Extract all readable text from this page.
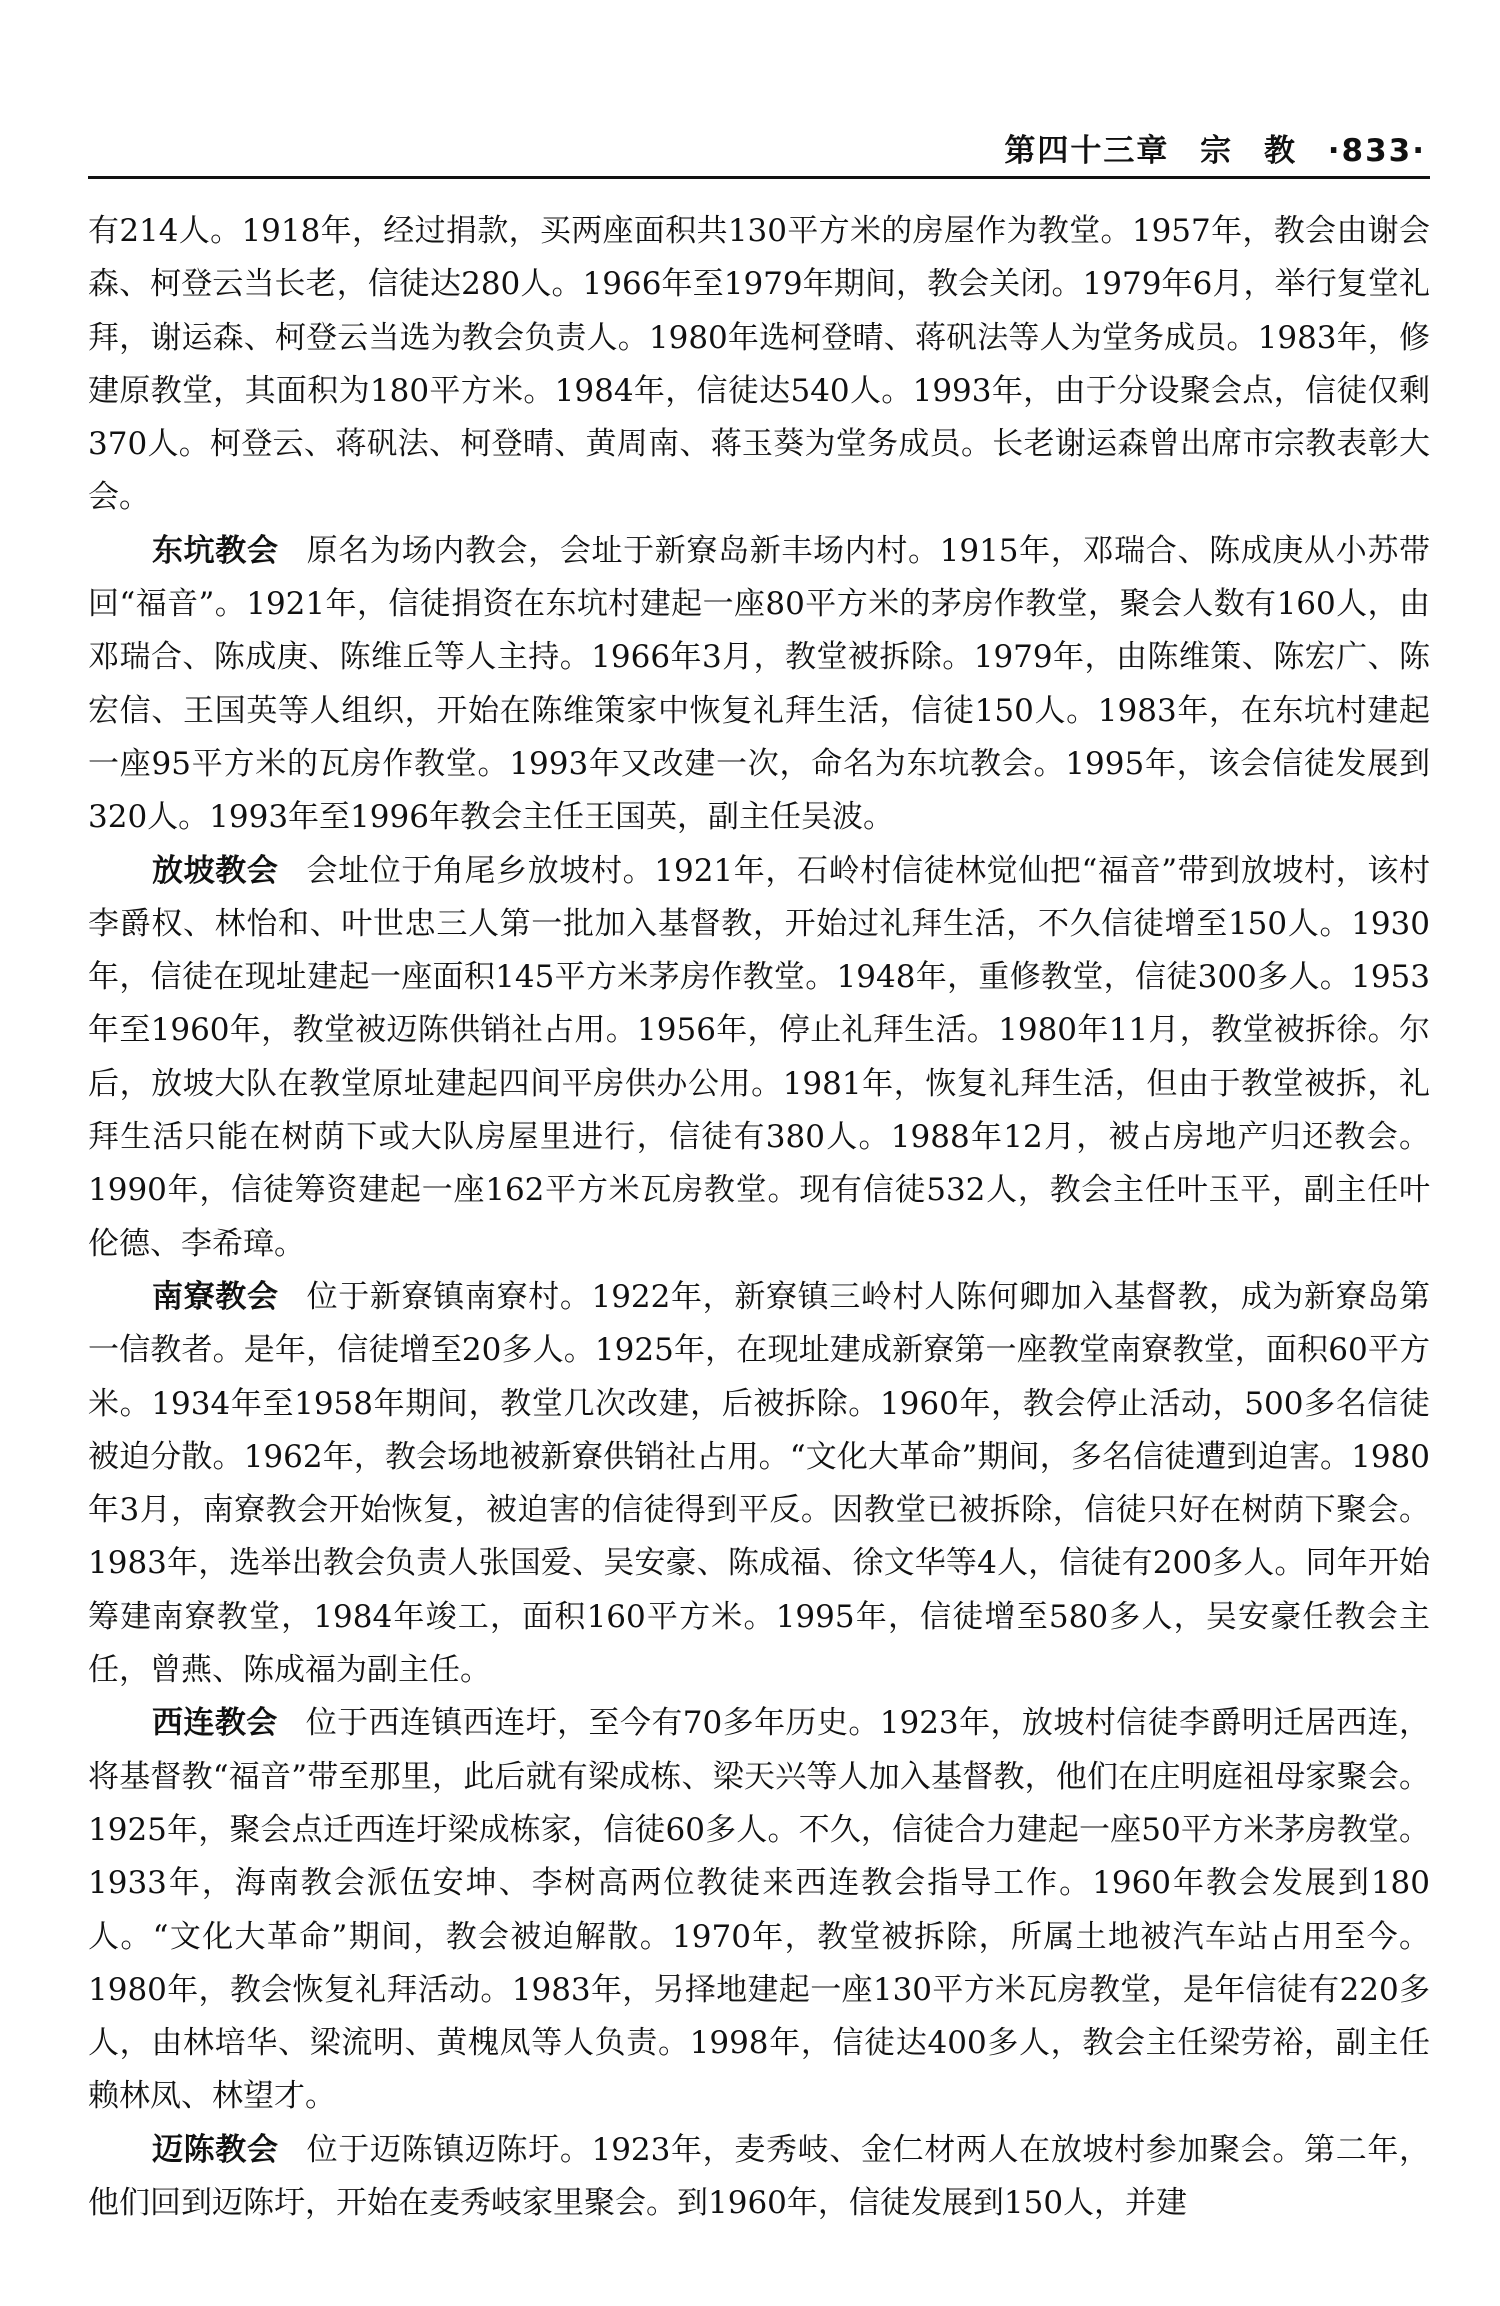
第四十三章 宗 教 ·833·

有214人。1918年，经过捐款，买两座面积共130平方米的房屋作为教堂。1957年，教会由谢会森、柯登云当长老，信徒达280人。1966年至1979年期间，教会关闭。1979年6月，举行复堂礼拜，谢运森、柯登云当选为教会负责人。1980年选柯登晴、蒋矾法等人为堂务成员。1983年，修建原教堂，其面积为180平方米。1984年，信徒达540人。1993年，由于分设聚会点，信徒仅剩370人。柯登云、蒋矾法、柯登晴、黄周南、蒋玉葵为堂务成员。长老谢运森曾出席市宗教表彰大会。

东坑教会 原名为场内教会，会址于新寮岛新丰场内村。1915年，邓瑞合、陈成庚从小苏带回“福音”。1921年，信徒捐资在东坑村建起一座80平方米的茅房作教堂，聚会人数有160人，由邓瑞合、陈成庚、陈维丘等人主持。1966年3月，教堂被拆除。1979年，由陈维策、陈宏广、陈宏信、王国英等人组织，开始在陈维策家中恢复礼拜生活，信徒150人。1983年，在东坑村建起一座95平方米的瓦房作教堂。1993年又改建一次，命名为东坑教会。1995年，该会信徒发展到320人。1993年至1996年教会主任王国英，副主任吴波。

放坡教会 会址位于角尾乡放坡村。1921年，石岭村信徒林觉仙把“福音”带到放坡村，该村李爵权、林怡和、叶世忠三人第一批加入基督教，开始过礼拜生活，不久信徒增至150人。1930年，信徒在现址建起一座面积145平方米茅房作教堂。1948年，重修教堂，信徒300多人。1953年至1960年，教堂被迈陈供销社占用。1956年，停止礼拜生活。1980年11月，教堂被拆徐。尔后，放坡大队在教堂原址建起四间平房供办公用。1981年，恢复礼拜生活，但由于教堂被拆，礼拜生活只能在树荫下或大队房屋里进行，信徒有380人。1988年12月，被占房地产归还教会。1990年，信徒筹资建起一座162平方米瓦房教堂。现有信徒532人，教会主任叶玉平，副主任叶伦德、李希璋。

南寮教会 位于新寮镇南寮村。1922年，新寮镇三岭村人陈何卿加入基督教，成为新寮岛第一信教者。是年，信徒增至20多人。1925年，在现址建成新寮第一座教堂南寮教堂，面积60平方米。1934年至1958年期间，教堂几次改建，后被拆除。1960年，教会停止活动，500多名信徒被迫分散。1962年，教会场地被新寮供销社占用。“文化大革命”期间，多名信徒遭到迫害。1980年3月，南寮教会开始恢复，被迫害的信徒得到平反。因教堂已被拆除，信徒只好在树荫下聚会。1983年，选举出教会负责人张国爱、吴安豪、陈成福、徐文华等4人，信徒有200多人。同年开始筹建南寮教堂，1984年竣工，面积160平方米。1995年，信徒增至580多人，吴安豪任教会主任，曾燕、陈成福为副主任。

西连教会 位于西连镇西连圩，至今有70多年历史。1923年，放坡村信徒李爵明迁居西连，将基督教“福音”带至那里，此后就有梁成栋、梁天兴等人加入基督教，他们在庄明庭祖母家聚会。1925年，聚会点迁西连圩梁成栋家，信徒60多人。不久，信徒合力建起一座50平方米茅房教堂。1933年，海南教会派伍安坤、李树高两位教徒来西连教会指导工作。1960年教会发展到180人。“文化大革命”期间，教会被迫解散。1970年，教堂被拆除，所属土地被汽车站占用至今。1980年，教会恢复礼拜活动。1983年，另择地建起一座130平方米瓦房教堂，是年信徒有220多人，由林培华、梁流明、黄槐凤等人负责。1998年，信徒达400多人，教会主任梁劳裕，副主任赖林凤、林望才。

迈陈教会 位于迈陈镇迈陈圩。1923年，麦秀岐、金仁材两人在放坡村参加聚会。第二年，他们回到迈陈圩，开始在麦秀岐家里聚会。到1960年，信徒发展到150人，并建
